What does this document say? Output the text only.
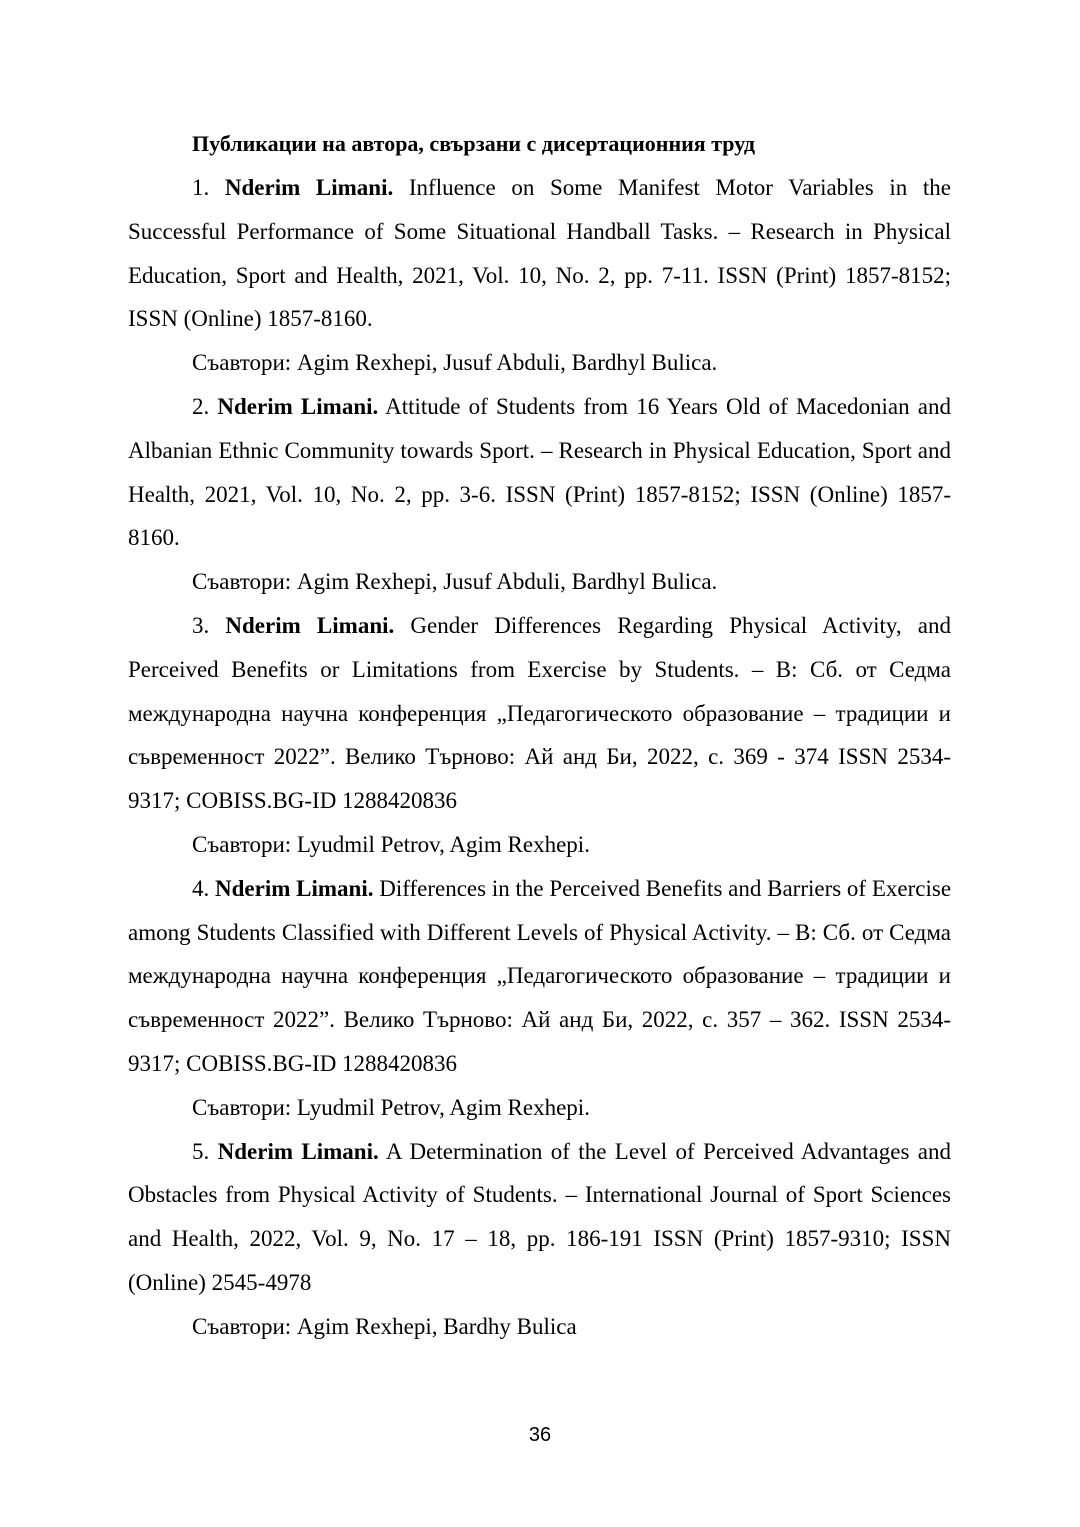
Публикации на автора, свързани с дисертационния труд

1. Nderim Limani. Influence on Some Manifest Motor Variables in the Successful Performance of Some Situational Handball Tasks. – Research in Physical Education, Sport and Health, 2021, Vol. 10, No. 2, pp. 7-11. ISSN (Print) 1857-8152; ISSN (Online) 1857-8160.

Съавтори: Agim Rexhepi, Jusuf Abduli, Bardhyl Bulica.

2. Nderim Limani. Attitude of Students from 16 Years Old of Macedonian and Albanian Ethnic Community towards Sport. – Research in Physical Education, Sport and Health, 2021, Vol. 10, No. 2, pp. 3-6. ISSN (Print) 1857-8152; ISSN (Online) 1857-8160.

Съавтори: Agim Rexhepi, Jusuf Abduli, Bardhyl Bulica.

3. Nderim Limani. Gender Differences Regarding Physical Activity, and Perceived Benefits or Limitations from Exercise by Students. – В: Сб. от Седма международна научна конференция „Педагогическото образование – традиции и съвременност 2022”. Велико Търново: Ай анд Би, 2022, с. 369 - 374 ISSN 2534-9317; COBISS.BG-ID 1288420836

Съавтори: Lyudmil Petrov, Agim Rexhepi.

4. Nderim Limani. Differences in the Perceived Benefits and Barriers of Exercise among Students Classified with Different Levels of Physical Activity. – В: Сб. от Седма международна научна конференция „Педагогическото образование – традиции и съвременност 2022”. Велико Търново: Ай анд Би, 2022, с. 357 – 362. ISSN 2534-9317; COBISS.BG-ID 1288420836

Съавтори: Lyudmil Petrov, Agim Rexhepi.

5. Nderim Limani. A Determination of the Level of Perceived Advantages and Obstacles from Physical Activity of Students. – International Journal of Sport Sciences and Health, 2022, Vol. 9, No. 17 – 18, pp. 186-191 ISSN (Print) 1857-9310; ISSN (Online) 2545-4978

Съавтори: Agim Rexhepi, Bardhy Bulica

36
